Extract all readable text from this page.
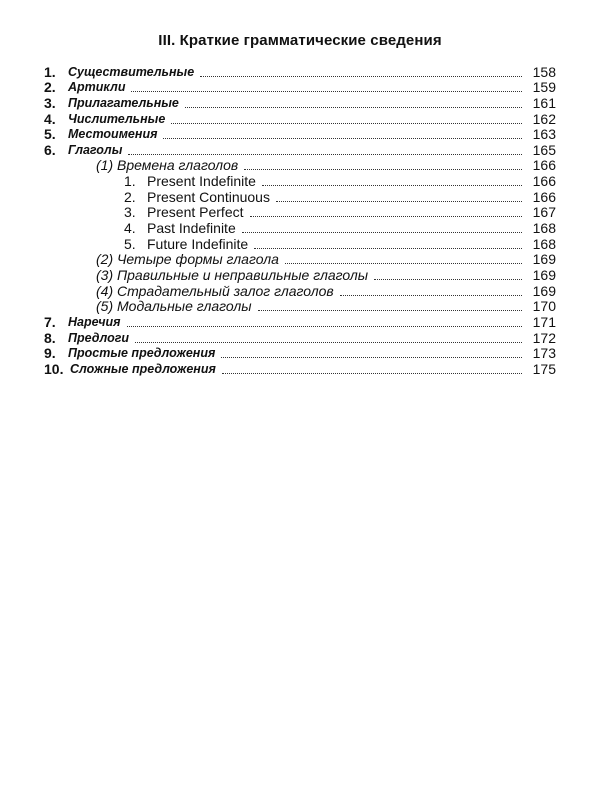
III. Краткие грамматические сведения
1. Существительные	158
2. Артикли	159
3. Прилагательные	161
4. Числительные	162
5. Местоимения	163
6. Глаголы	165
(1) Времена глаголов	166
1. Present Indefinite	166
2. Present Continuous	166
3. Present Perfect	167
4. Past Indefinite	168
5. Future Indefinite	168
(2) Четыре формы глагола	169
(3) Правильные и неправильные глаголы	169
(4) Страдательный залог глаголов	169
(5) Модальные глаголы	170
7. Наречия	171
8. Предлоги	172
9. Простые предложения	173
10. Сложные предложения	175
